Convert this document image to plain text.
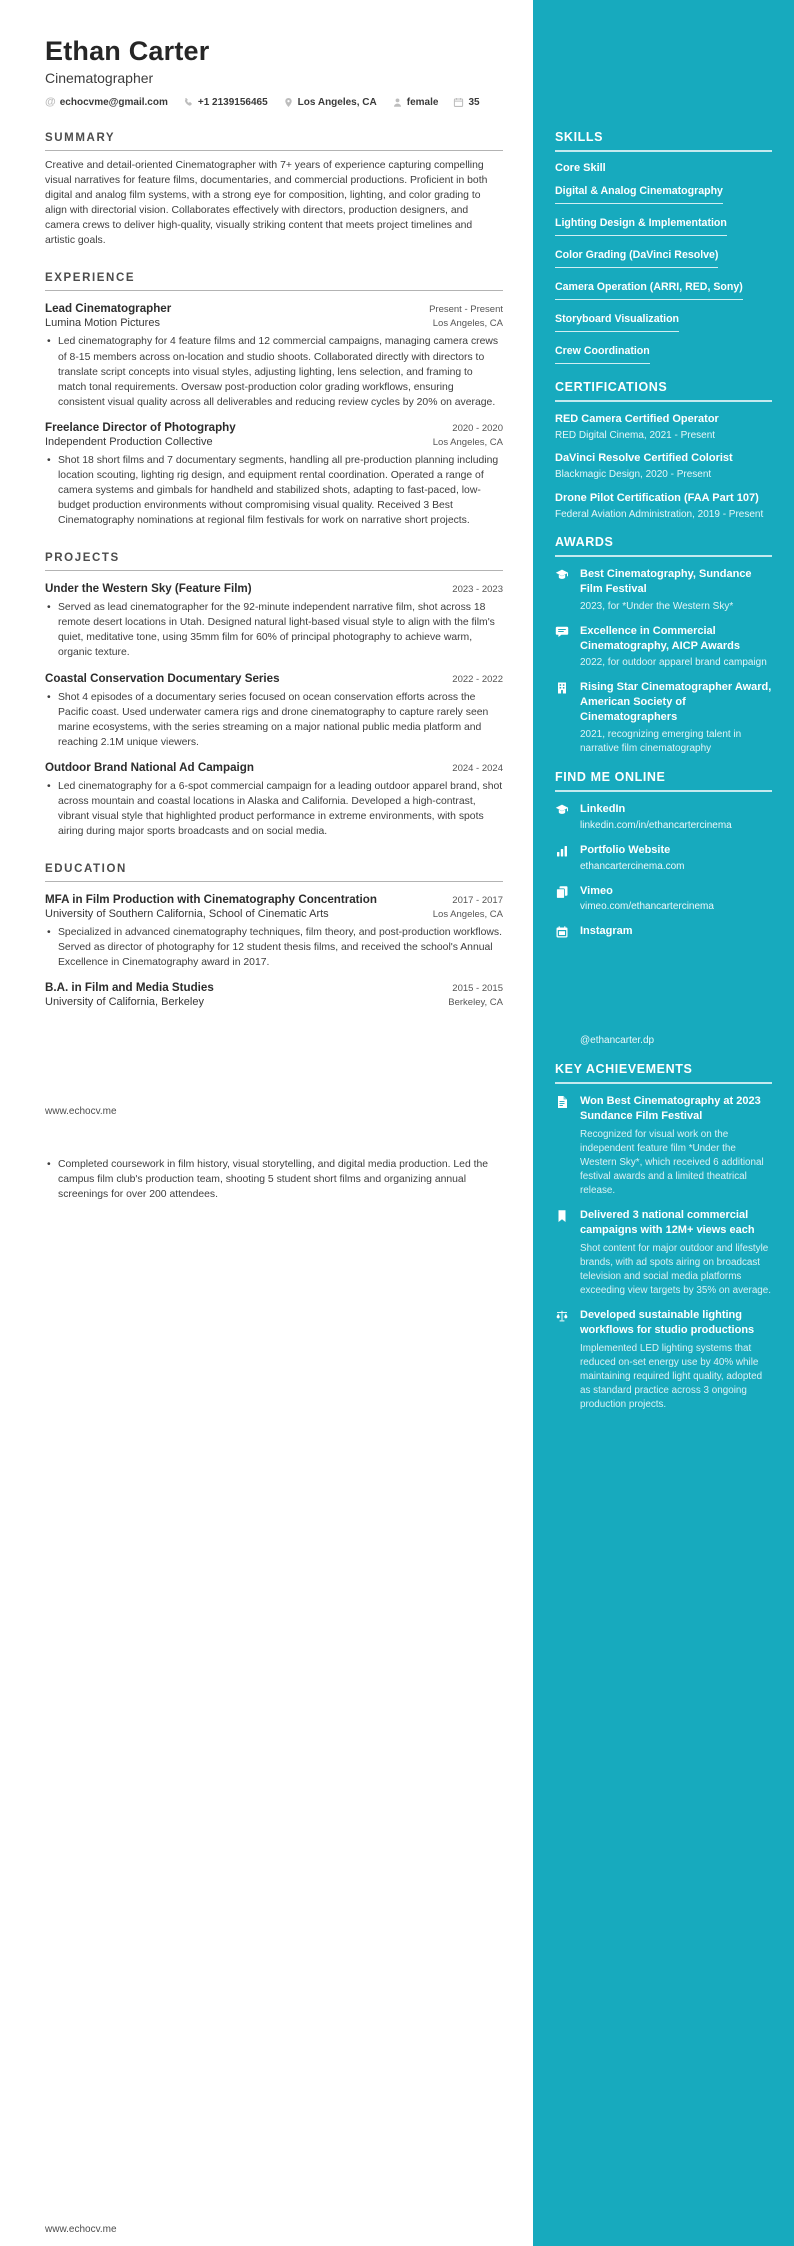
Ethan Carter
Cinematographer
@ echocvme@gmail.com	+1 2139156465	Los Angeles, CA	female	35
SUMMARY
Creative and detail-oriented Cinematographer with 7+ years of experience capturing compelling visual narratives for feature films, documentaries, and commercial productions. Proficient in both digital and analog film systems, with a strong eye for composition, lighting, and color grading to align with directorial vision. Collaborates effectively with directors, production designers, and camera crews to deliver high-quality, visually striking content that meets project timelines and artistic goals.
EXPERIENCE
Lead Cinematographer	Present - Present
Lumina Motion Pictures	Los Angeles, CA
• Led cinematography for 4 feature films and 12 commercial campaigns, managing camera crews of 8-15 members across on-location and studio shoots. Collaborated directly with directors to translate script concepts into visual styles, adjusting lighting, lens selection, and framing to match tonal requirements. Oversaw post-production color grading workflows, ensuring consistent visual quality across all deliverables and reducing review cycles by 20% on average.
Freelance Director of Photography	2020 - 2020
Independent Production Collective	Los Angeles, CA
• Shot 18 short films and 7 documentary segments, handling all pre-production planning including location scouting, lighting rig design, and equipment rental coordination. Operated a range of camera systems and gimbals for handheld and stabilized shots, adapting to fast-paced, low-budget production environments without compromising visual quality. Received 3 Best Cinematography nominations at regional film festivals for work on narrative short projects.
PROJECTS
Under the Western Sky (Feature Film)	2023 - 2023
• Served as lead cinematographer for the 92-minute independent narrative film, shot across 18 remote desert locations in Utah. Designed natural light-based visual style to align with the film's quiet, meditative tone, using 35mm film for 60% of principal photography to achieve warm, organic texture.
Coastal Conservation Documentary Series	2022 - 2022
• Shot 4 episodes of a documentary series focused on ocean conservation efforts across the Pacific coast. Used underwater camera rigs and drone cinematography to capture rarely seen marine ecosystems, with the series streaming on a major national public media platform and reaching 2.1M unique viewers.
Outdoor Brand National Ad Campaign	2024 - 2024
• Led cinematography for a 6-spot commercial campaign for a leading outdoor apparel brand, shot across mountain and coastal locations in Alaska and California. Developed a high-contrast, vibrant visual style that highlighted product performance in extreme environments, with spots airing during major sports broadcasts and on social media.
EDUCATION
MFA in Film Production with Cinematography Concentration	2017 - 2017
University of Southern California, School of Cinematic Arts	Los Angeles, CA
• Specialized in advanced cinematography techniques, film theory, and post-production workflows. Served as director of photography for 12 student thesis films, and received the school's Annual Excellence in Cinematography award in 2017.
B.A. in Film and Media Studies	2015 - 2015
University of California, Berkeley	Berkeley, CA
www.echocv.me
• Completed coursework in film history, visual storytelling, and digital media production. Led the campus film club's production team, shooting 5 student short films and organizing annual screenings for over 200 attendees.
www.echocv.me
SKILLS
Core Skill
Digital & Analog Cinematography
Lighting Design & Implementation
Color Grading (DaVinci Resolve)
Camera Operation (ARRI, RED, Sony)
Storyboard Visualization
Crew Coordination
CERTIFICATIONS
RED Camera Certified Operator
RED Digital Cinema, 2021 - Present
DaVinci Resolve Certified Colorist
Blackmagic Design, 2020 - Present
Drone Pilot Certification (FAA Part 107)
Federal Aviation Administration, 2019 - Present
AWARDS
Best Cinematography, Sundance Film Festival
2023, for *Under the Western Sky*
Excellence in Commercial Cinematography, AICP Awards
2022, for outdoor apparel brand campaign
Rising Star Cinematographer Award, American Society of Cinematographers
2021, recognizing emerging talent in narrative film cinematography
FIND ME ONLINE
LinkedIn
linkedin.com/in/ethancartercinema
Portfolio Website
ethancartercinema.com
Vimeo
vimeo.com/ethancartercinema
Instagram
@ethancarter.dp
KEY ACHIEVEMENTS
Won Best Cinematography at 2023 Sundance Film Festival
Recognized for visual work on the independent feature film *Under the Western Sky*, which received 6 additional festival awards and a limited theatrical release.
Delivered 3 national commercial campaigns with 12M+ views each
Shot content for major outdoor and lifestyle brands, with ad spots airing on broadcast television and social media platforms exceeding view targets by 35% on average.
Developed sustainable lighting workflows for studio productions
Implemented LED lighting systems that reduced on-set energy use by 40% while maintaining required light quality, adopted as standard practice across 3 ongoing production projects.
